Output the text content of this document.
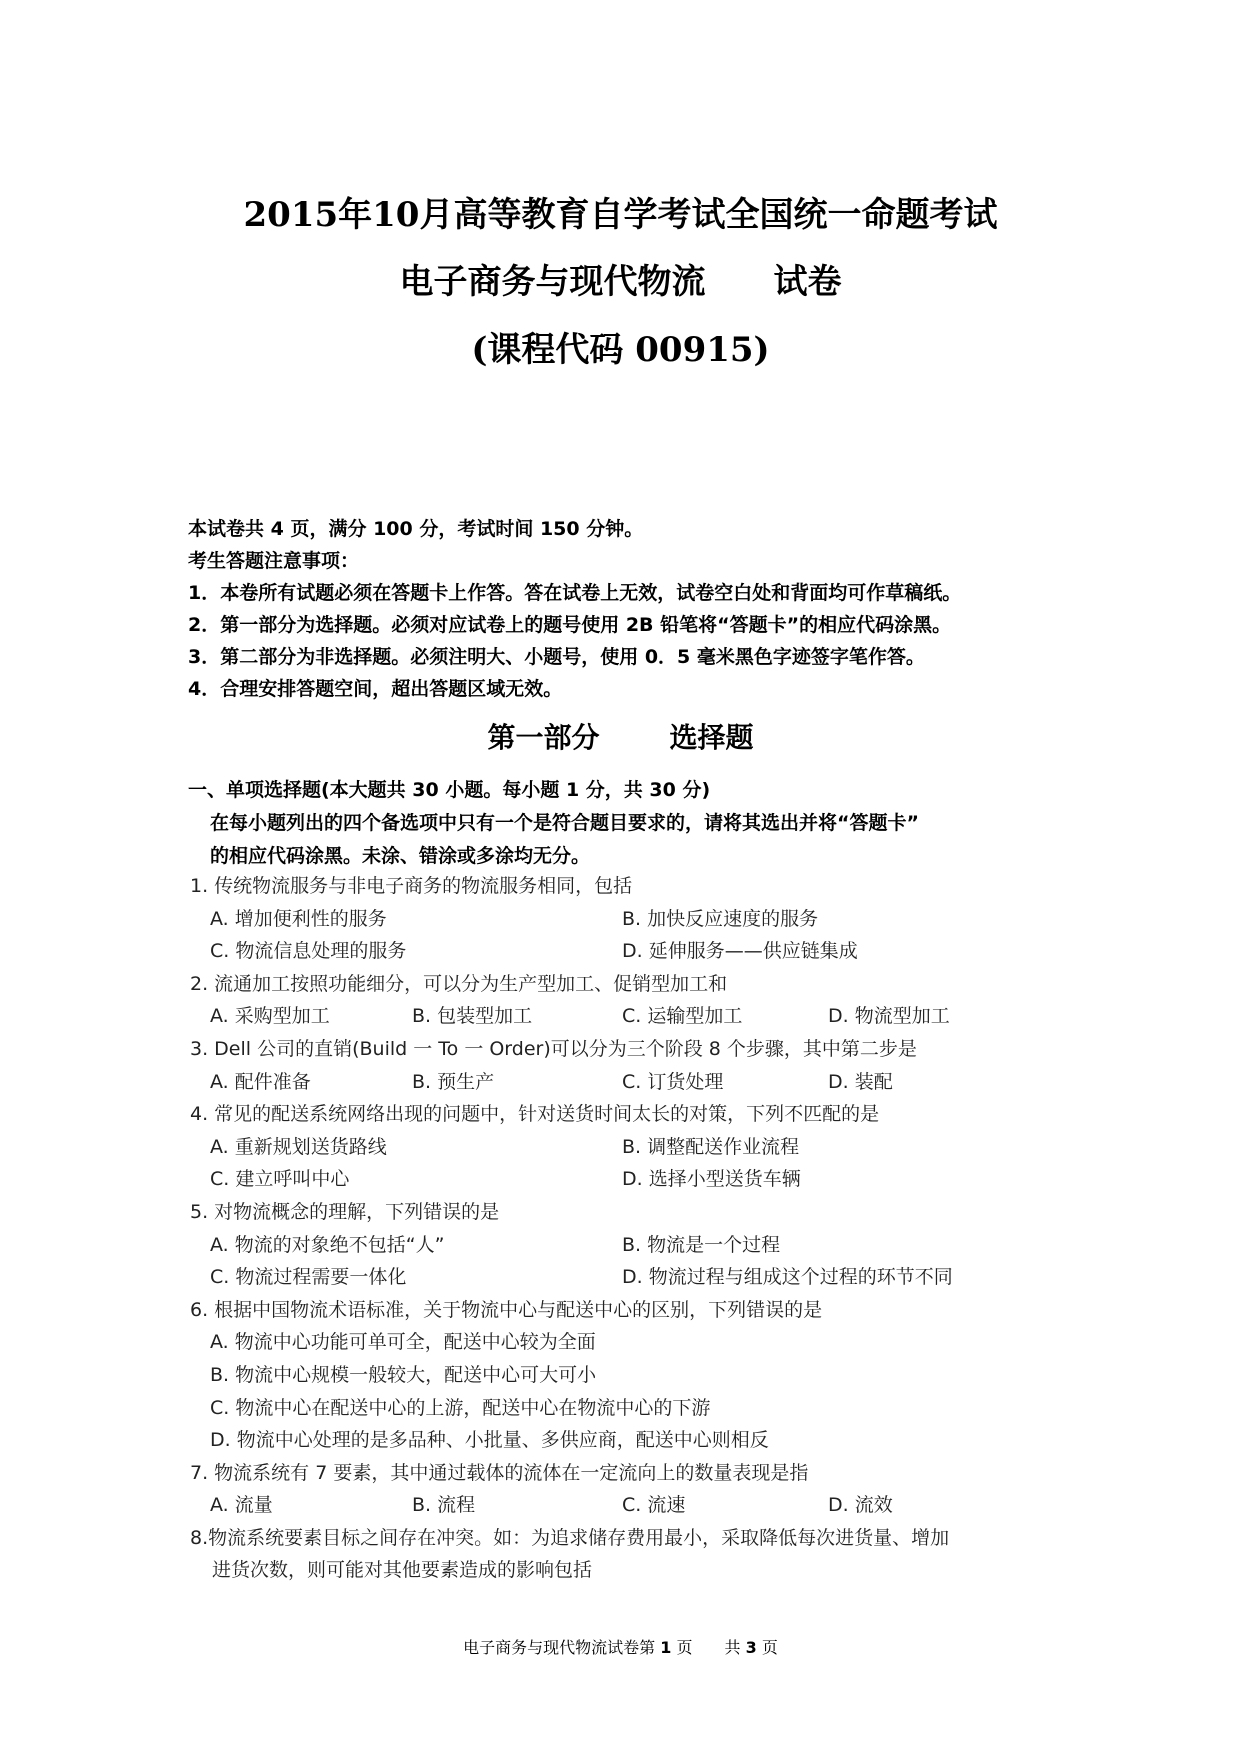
2015年10月高等教育自学考试全国统一命题考试
电子商务与现代物流 试卷
(课程代码 00915)
本试卷共 4 页，满分 100 分，考试时间 150 分钟。
考生答题注意事项：
1．本卷所有试题必须在答题卡上作答。答在试卷上无效，试卷空白处和背面均可作草稿纸。
2．第一部分为选择题。必须对应试卷上的题号使用 2B 铅笔将“答题卡”的相应代码涂黑。
3．第二部分为非选择题。必须注明大、小题号，使用 0．5 毫米黑色字迹签字笔作答。
4．合理安排答题空间，超出答题区域无效。
第一部分	选择题
一、单项选择题(本大题共 30 小题。每小题 1 分，共 30 分)
在每小题列出的四个备选项中只有一个是符合题目要求的，请将其选出并将“答题卡”
的相应代码涂黑。未涂、错涂或多涂均无分。
1. 传统物流服务与非电子商务的物流服务相同，包括
A. 增加便利性的服务	B. 加快反应速度的服务
C. 物流信息处理的服务	D. 延伸服务——供应链集成
2. 流通加工按照功能细分，可以分为生产型加工、促销型加工和
A. 采购型加工	B. 包装型加工	C. 运输型加工	D. 物流型加工
3. Dell 公司的直销(Build 一 To 一 Order)可以分为三个阶段 8 个步骤，其中第二步是
A. 配件准备	B. 预生产	C. 订货处理	D. 装配
4. 常见的配送系统网络出现的问题中，针对送货时间太长的对策，下列不匹配的是
A. 重新规划送货路线	B. 调整配送作业流程
C. 建立呼叫中心	D. 选择小型送货车辆
5. 对物流概念的理解，下列错误的是
A. 物流的对象绝不包括“人”	B. 物流是一个过程
C. 物流过程需要一体化	D. 物流过程与组成这个过程的环节不同
6. 根据中国物流术语标准，关于物流中心与配送中心的区别，下列错误的是
A. 物流中心功能可单可全，配送中心较为全面
B. 物流中心规模一般较大，配送中心可大可小
C. 物流中心在配送中心的上游，配送中心在物流中心的下游
D. 物流中心处理的是多品种、小批量、多供应商，配送中心则相反
7. 物流系统有 7 要素，其中通过载体的流体在一定流向上的数量表现是指
A. 流量	B. 流程	C. 流速	D. 流效
8.物流系统要素目标之间存在冲突。如：为追求储存费用最小，采取降低每次进货量、增加
进货次数，则可能对其他要素造成的影响包括
电子商务与现代物流试卷第 1 页 共 3 页
